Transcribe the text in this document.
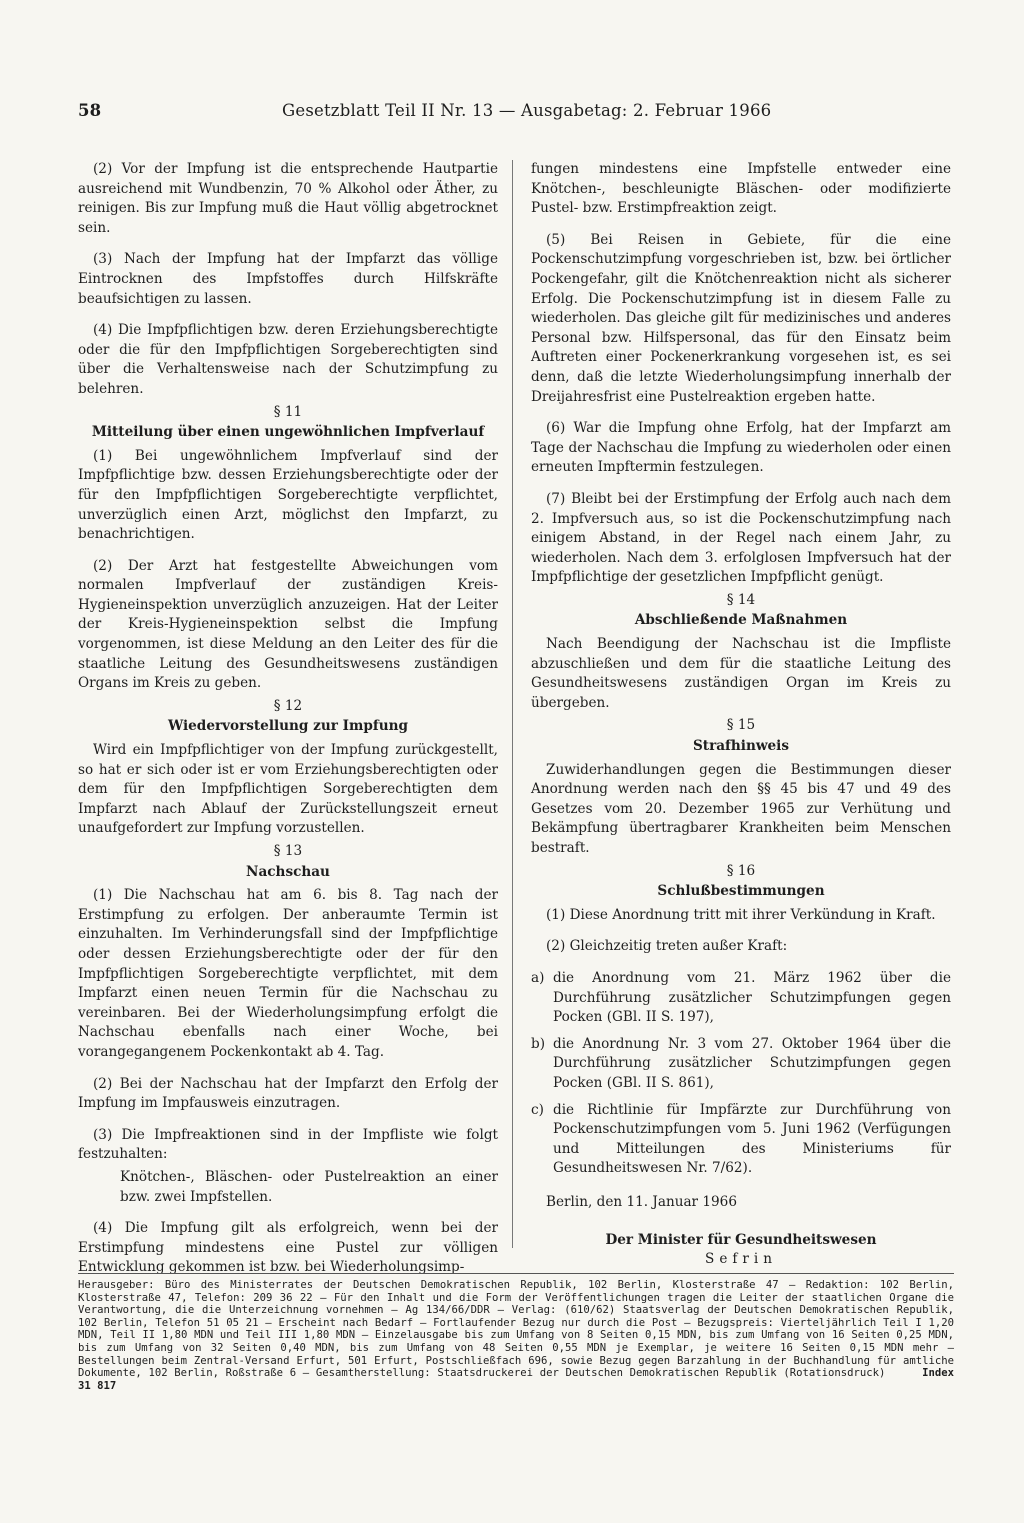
58	Gesetzblatt Teil II Nr. 13 — Ausgabetag: 2. Februar 1966

(2) Vor der Impfung ist die entsprechende Hautpartie ausreichend mit Wundbenzin, 70 % Alkohol oder Äther, zu reinigen. Bis zur Impfung muß die Haut völlig abgetrocknet sein.

(3) Nach der Impfung hat der Impfarzt das völlige Eintrocknen des Impfstoffes durch Hilfskräfte beaufsichtigen zu lassen.

(4) Die Impfpflichtigen bzw. deren Erziehungsberechtigte oder die für den Impfpflichtigen Sorgeberechtigten sind über die Verhaltensweise nach der Schutzimpfung zu belehren.

§ 11
Mitteilung über einen ungewöhnlichen Impfverlauf

(1) Bei ungewöhnlichem Impfverlauf sind der Impfpflichtige bzw. dessen Erziehungsberechtigte oder der für den Impfpflichtigen Sorgeberechtigte verpflichtet, unverzüglich einen Arzt, möglichst den Impfarzt, zu benachrichtigen.

(2) Der Arzt hat festgestellte Abweichungen vom normalen Impfverlauf der zuständigen Kreis-Hygieneinspektion unverzüglich anzuzeigen. Hat der Leiter der Kreis-Hygieneinspektion selbst die Impfung vorgenommen, ist diese Meldung an den Leiter des für die staatliche Leitung des Gesundheitswesens zuständigen Organs im Kreis zu geben.

§ 12
Wiedervorstellung zur Impfung

Wird ein Impfpflichtiger von der Impfung zurückgestellt, so hat er sich oder ist er vom Erziehungsberechtigten oder dem für den Impfpflichtigen Sorgeberechtigten dem Impfarzt nach Ablauf der Zurückstellungszeit erneut unaufgefordert zur Impfung vorzustellen.

§ 13
Nachschau

(1) Die Nachschau hat am 6. bis 8. Tag nach der Erstimpfung zu erfolgen. Der anberaumte Termin ist einzuhalten. Im Verhinderungsfall sind der Impfpflichtige oder dessen Erziehungsberechtigte oder der für den Impfpflichtigen Sorgeberechtigte verpflichtet, mit dem Impfarzt einen neuen Termin für die Nachschau zu vereinbaren. Bei der Wiederholungsimpfung erfolgt die Nachschau ebenfalls nach einer Woche, bei vorangegangenem Pockenkontakt ab 4. Tag.

(2) Bei der Nachschau hat der Impfarzt den Erfolg der Impfung im Impfausweis einzutragen.

(3) Die Impfreaktionen sind in der Impfliste wie folgt festzuhalten:

Knötchen-, Bläschen- oder Pustelreaktion an einer bzw. zwei Impfstellen.

(4) Die Impfung gilt als erfolgreich, wenn bei der Erstimpfung mindestens eine Pustel zur völligen Entwicklung gekommen ist bzw. bei Wiederholungsimp-

fungen mindestens eine Impfstelle entweder eine Knötchen-, beschleunigte Bläschen- oder modifizierte Pustel- bzw. Erstimpfreaktion zeigt.

(5) Bei Reisen in Gebiete, für die eine Pockenschutzimpfung vorgeschrieben ist, bzw. bei örtlicher Pockengefahr, gilt die Knötchenreaktion nicht als sicherer Erfolg. Die Pockenschutzimpfung ist in diesem Falle zu wiederholen. Das gleiche gilt für medizinisches und anderes Personal bzw. Hilfspersonal, das für den Einsatz beim Auftreten einer Pockenerkrankung vorgesehen ist, es sei denn, daß die letzte Wiederholungsimpfung innerhalb der Dreijahresfrist eine Pustelreaktion ergeben hatte.

(6) War die Impfung ohne Erfolg, hat der Impfarzt am Tage der Nachschau die Impfung zu wiederholen oder einen erneuten Impftermin festzulegen.

(7) Bleibt bei der Erstimpfung der Erfolg auch nach dem 2. Impfversuch aus, so ist die Pockenschutzimpfung nach einigem Abstand, in der Regel nach einem Jahr, zu wiederholen. Nach dem 3. erfolglosen Impfversuch hat der Impfpflichtige der gesetzlichen Impfpflicht genügt.

§ 14
Abschließende Maßnahmen

Nach Beendigung der Nachschau ist die Impfliste abzuschließen und dem für die staatliche Leitung des Gesundheitswesens zuständigen Organ im Kreis zu übergeben.

§ 15
Strafhinweis

Zuwiderhandlungen gegen die Bestimmungen dieser Anordnung werden nach den §§ 45 bis 47 und 49 des Gesetzes vom 20. Dezember 1965 zur Verhütung und Bekämpfung übertragbarer Krankheiten beim Menschen bestraft.

§ 16
Schlußbestimmungen

(1) Diese Anordnung tritt mit ihrer Verkündung in Kraft.

(2) Gleichzeitig treten außer Kraft:

a) die Anordnung vom 21. März 1962 über die Durchführung zusätzlicher Schutzimpfungen gegen Pocken (GBl. II S. 197),
b) die Anordnung Nr. 3 vom 27. Oktober 1964 über die Durchführung zusätzlicher Schutzimpfungen gegen Pocken (GBl. II S. 861),
c) die Richtlinie für Impfärzte zur Durchführung von Pockenschutzimpfungen vom 5. Juni 1962 (Verfügungen und Mitteilungen des Ministeriums für Gesundheitswesen Nr. 7/62).

Berlin, den 11. Januar 1966

Der Minister für Gesundheitswesen

Sefrin

Herausgeber: Büro des Ministerrates der Deutschen Demokratischen Republik, 102 Berlin, Klosterstraße 47 — Redaktion: 102 Berlin, Klosterstraße 47, Telefon: 209 36 22 — Für den Inhalt und die Form der Veröffentlichungen tragen die Leiter der staatlichen Organe die Verantwortung, die die Unterzeichnung vornehmen — Ag 134/66/DDR — Verlag: (610/62) Staatsverlag der Deutschen Demokratischen Republik, 102 Berlin, Telefon 51 05 21 — Erscheint nach Bedarf — Fortlaufender Bezug nur durch die Post — Bezugspreis: Vierteljährlich Teil I 1,20 MDN, Teil II 1,80 MDN und Teil III 1,80 MDN — Einzelausgabe bis zum Umfang von 8 Seiten 0,15 MDN, bis zum Umfang von 16 Seiten 0,25 MDN, bis zum Umfang von 32 Seiten 0,40 MDN, bis zum Umfang von 48 Seiten 0,55 MDN je Exemplar, je weitere 16 Seiten 0,15 MDN mehr — Bestellungen beim Zentral-Versand Erfurt, 501 Erfurt, Postschließfach 696, sowie Bezug gegen Barzahlung in der Buchhandlung für amtliche Dokumente, 102 Berlin, Roßstraße 6 — Gesamtherstellung: Staatsdruckerei der Deutschen Demokratischen Republik (Rotationsdruck)	Index 31 817
